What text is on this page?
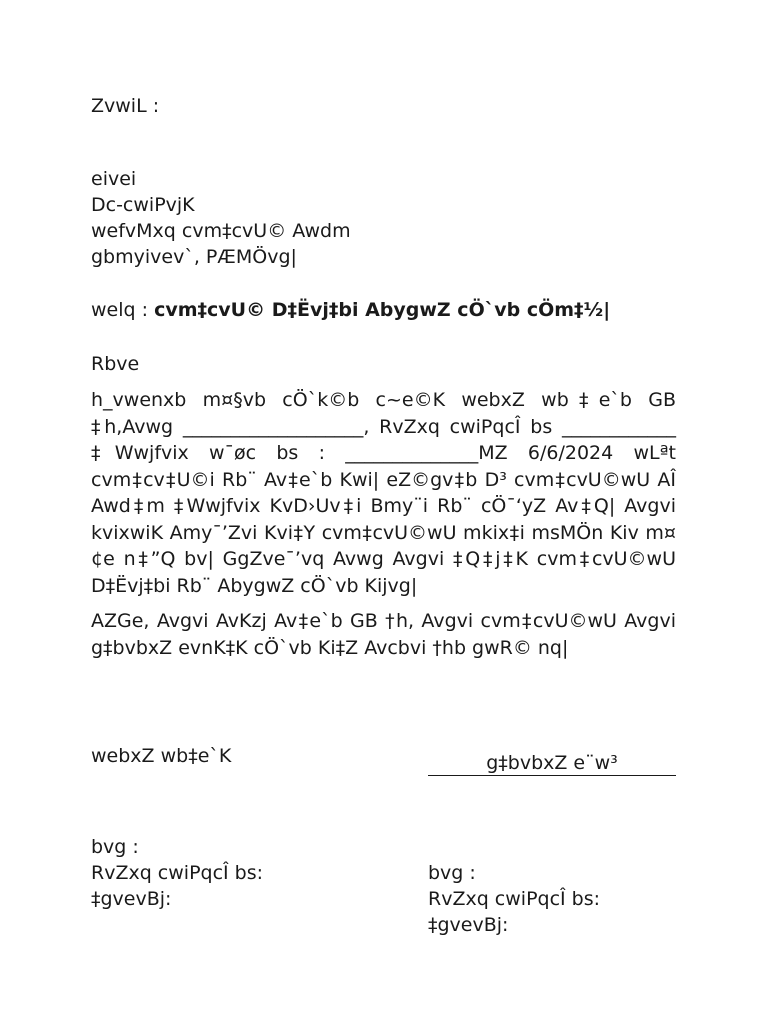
ZvwiL :

eivei

Dc-cwiPvjK

wefvMxq cvm‡cvU© Awdm

gbmyivev`, PÆMÖvg|

welq : cvm‡cvU© D‡Ëvj‡bi AbygwZ cÖ`vb cÖm‡½|

Rbve

h_vwenxb m¤§vb cÖ`k©b c~e©K webxZ wb‡e`b GB ‡h,Avwg ___________________, RvZxq cwiPqcÎ bs ____________ ‡Wwjfvix w¯øc bs : ______________MZ 6/6/2024 wLªt cvm‡cv‡U©i Rb¨ Av‡e`b Kwi| eZ©gv‡b D³ cvm‡cvU©wU AÎ Awd‡m ‡Wwjfvix KvD›Uv‡i Bmy¨i Rb¨ cÖ¯‘yZ Av‡Q| Avgvi kvixwiK Amy¯’Zvi Kvi‡Y cvm‡cvU©wU mkix‡i msMÖn Kiv m¤¢e n‡”Q bv| GgZve¯’vq Avwg Avgvi ‡Q‡j‡K cvm‡cvU©wU D‡Ëvj‡bi Rb¨ AbygwZ cÖ`vb Kijvg|

AZGe, Avgvi AvKzj Av‡e`b GB †h, Avgvi cvm‡cvU©wU Avgvi g‡bvbxZ evnK‡K cÖ`vb Ki‡Z Avcbvi †hb gwR© nq|

webxZ wb‡e`K	g‡bvbxZ e¨w³

bvg :

RvZxq cwiPqcÎ bs:

‡gvevBj:

bvg :

RvZxq cwiPqcÎ bs:

‡gvevBj:
